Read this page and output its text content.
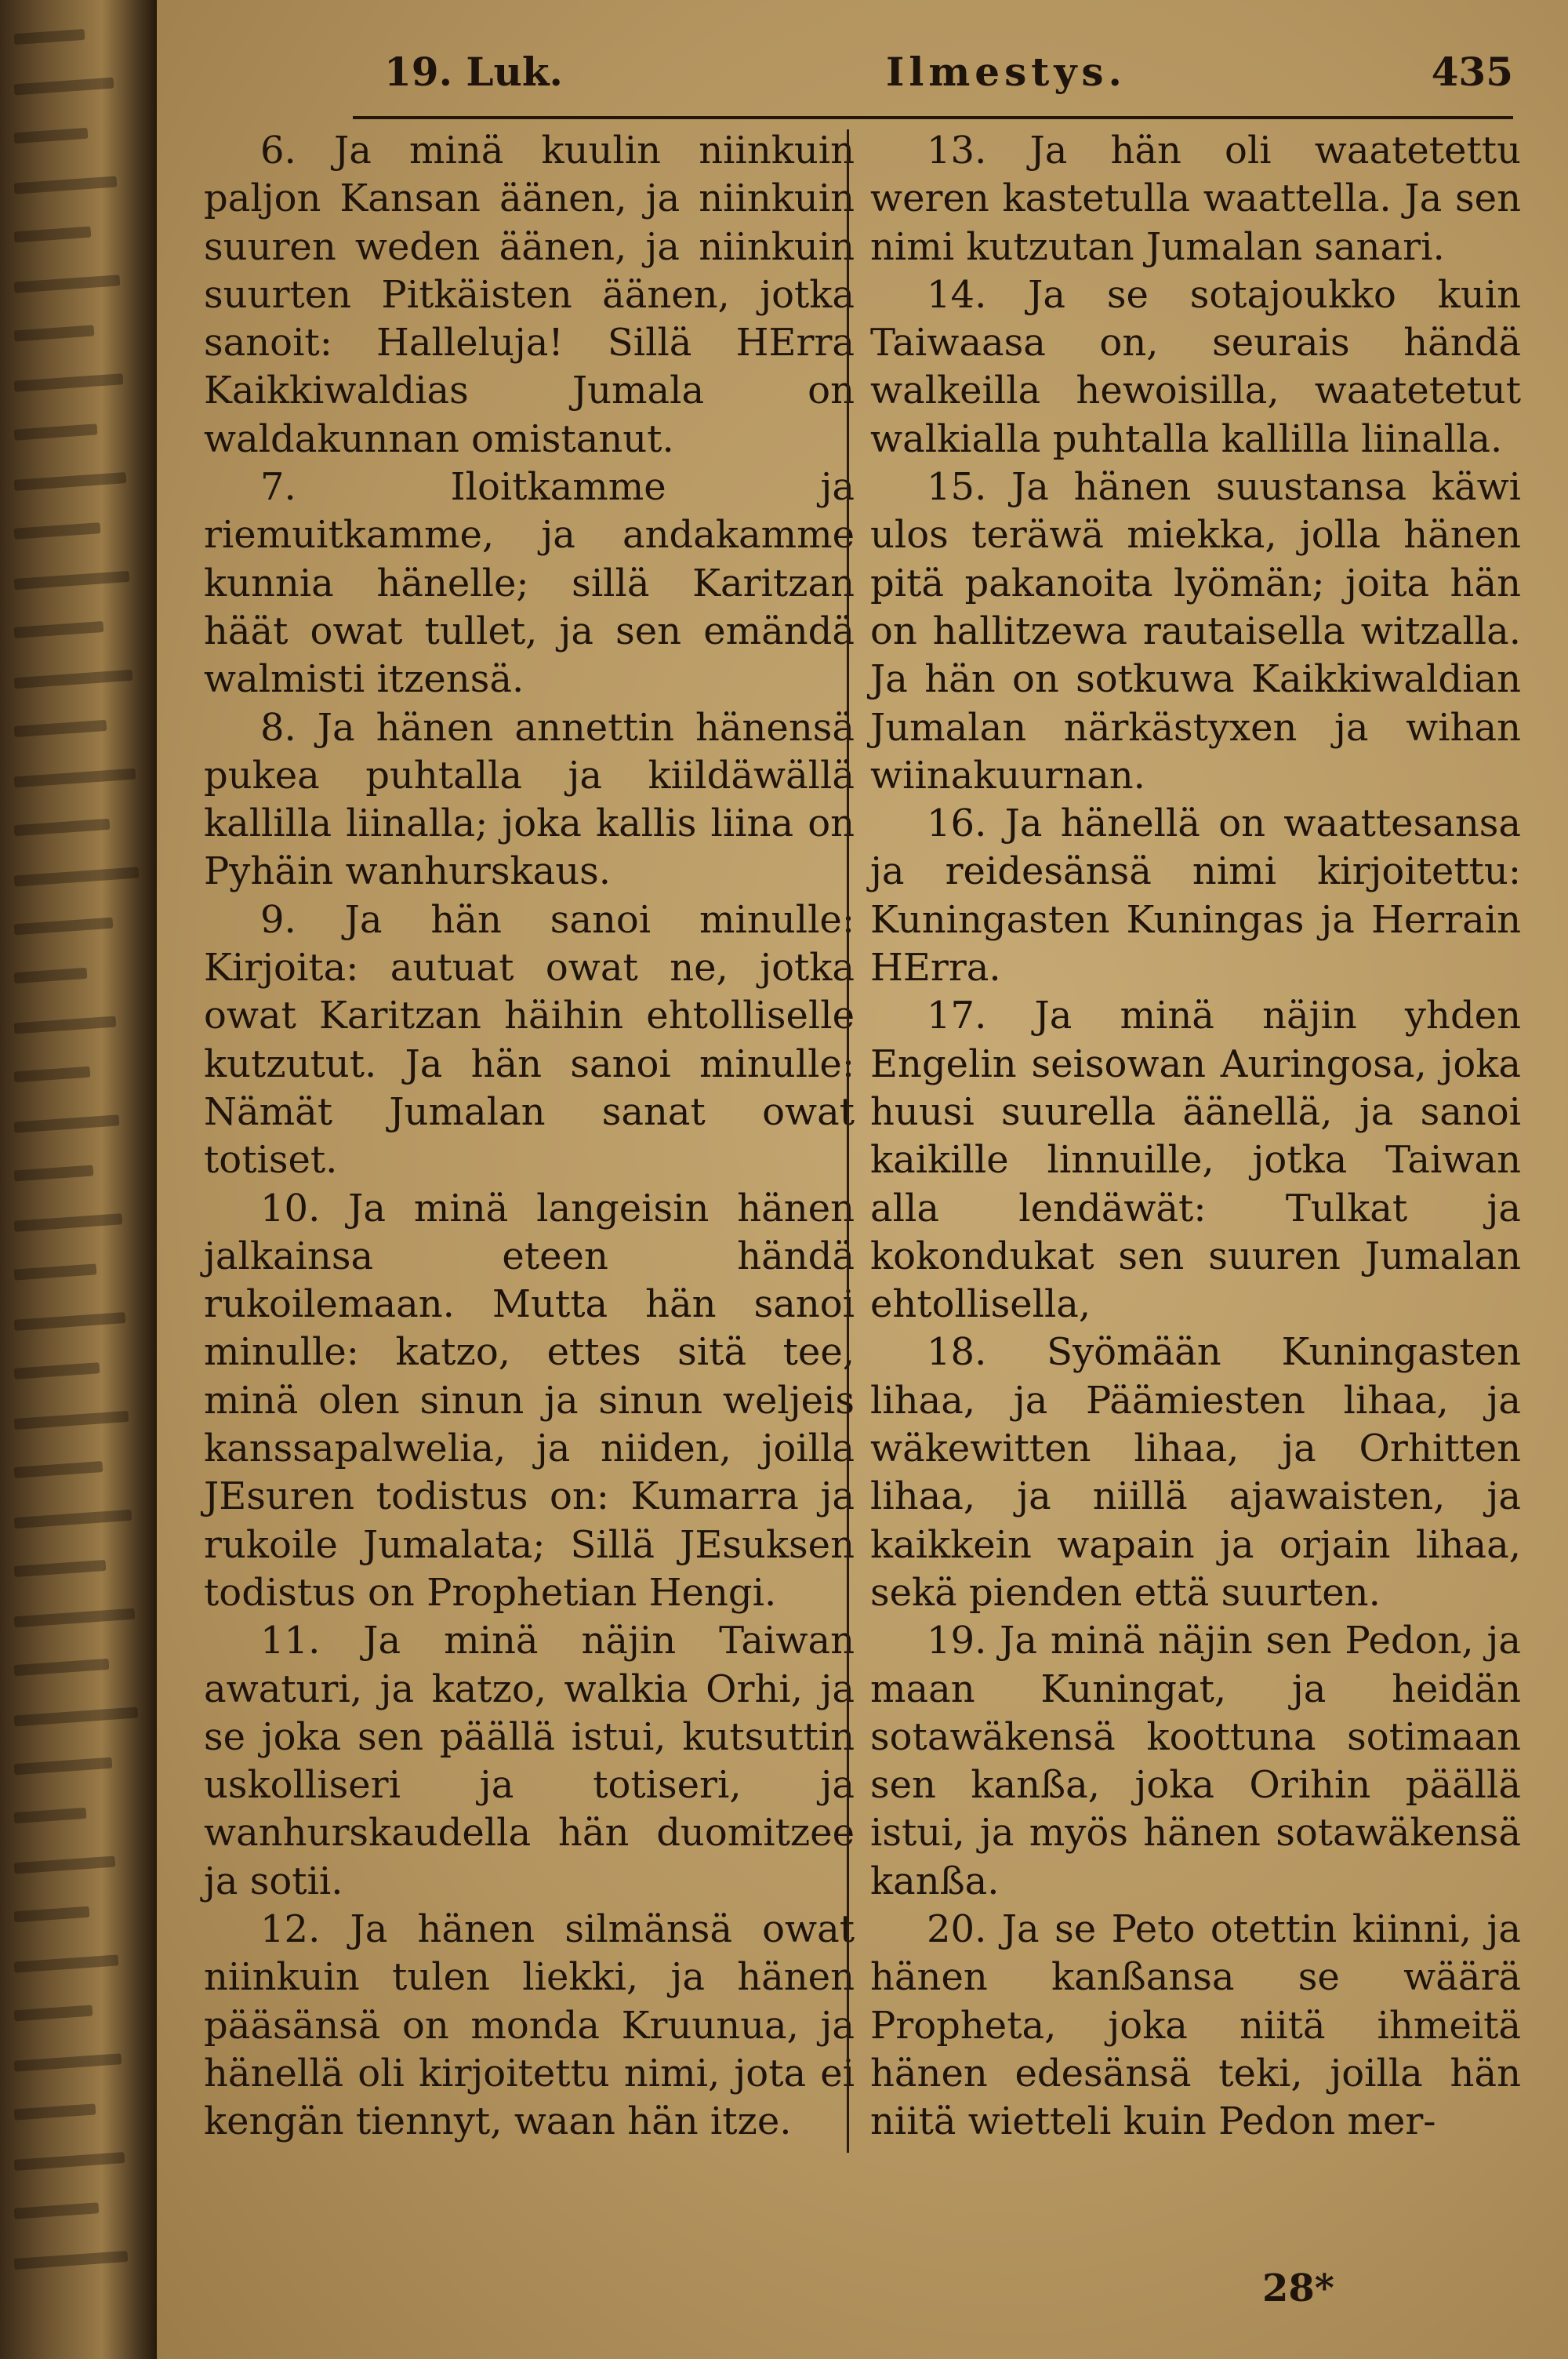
19. Luk.	Ilmestys.	435

6. Ja minä kuulin niinkuin paljon Kansan äänen, ja niinkuin suuren weden äänen, ja niinkuin suurten Pitkäisten äänen, jotka sanoit: Halleluja! Sillä HErra Kaikkiwaldias Jumala on waldakunnan omistanut.

7. Iloitkamme ja riemuitkamme, ja andakamme kunnia hänelle; sillä Karitzan häät owat tullet, ja sen emändä walmisti itzensä.

8. Ja hänen annettin hänensä pukea puhtalla ja kiildäwällä kallilla liinalla; joka kallis liina on Pyhäin wanhurskaus.

9. Ja hän sanoi minulle: Kirjoita: autuat owat ne, jotka owat Karitzan häihin ehtolliselle kutzutut. Ja hän sanoi minulle: Nämät Jumalan sanat owat totiset.

10. Ja minä langeisin hänen jalkainsa eteen händä rukoilemaan. Mutta hän sanoi minulle: katzo, ettes sitä tee, minä olen sinun ja sinun weljeis kanssapalwelia, ja niiden, joilla JEsuren todistus on: Kumarra ja rukoile Jumalata; Sillä JEsuksen todistus on Prophetian Hengi.

11. Ja minä näjin Taiwan awaturi, ja katzo, walkia Orhi, ja se joka sen päällä istui, kutsuttin uskolliseri ja totiseri, ja wanhurskaudella hän duomitzee ja sotii.

12. Ja hänen silmänsä owat niinkuin tulen liekki, ja hänen pääsänsä on monda Kruunua, ja hänellä oli kirjoitettu nimi, jota ei kengän tiennyt, waan hän itze.

13. Ja hän oli waatetettu weren kastetulla waattella. Ja sen nimi kutzutan Jumalan sanari.

14. Ja se sotajoukko kuin Taiwaasa on, seurais händä walkeilla hewoisilla, waatetetut walkialla puhtalla kallilla liinalla.

15. Ja hänen suustansa käwi ulos teräwä miekka, jolla hänen pitä pakanoita lyömän; joita hän on hallitzewa rautaisella witzalla. Ja hän on sotkuwa Kaikkiwaldian Jumalan närkästyxen ja wihan wiinakuurnan.

16. Ja hänellä on waattesansa ja reidesänsä nimi kirjoitettu: Kuningasten Kuningas ja Herrain HErra.

17. Ja minä näjin yhden Engelin seisowan Auringosa, joka huusi suurella äänellä, ja sanoi kaikille linnuille, jotka Taiwan alla lendäwät: Tulkat ja kokondukat sen suuren Jumalan ehtollisella,

18. Syömään Kuningasten lihaa, ja Päämiesten lihaa, ja wäkewitten lihaa, ja Orhitten lihaa, ja niillä ajawaisten, ja kaikkein wapain ja orjain lihaa, sekä pienden että suurten.

19. Ja minä näjin sen Pedon, ja maan Kuningat, ja heidän sotawäkensä koottuna sotimaan sen kanßa, joka Orihin päällä istui, ja myös hänen sotawäkensä kanßa.

20. Ja se Peto otettin kiinni, ja hänen kanßansa se wäärä Propheta, joka niitä ihmeitä hänen edesänsä teki, joilla hän niitä wietteli kuin Pedon mer-

28*
